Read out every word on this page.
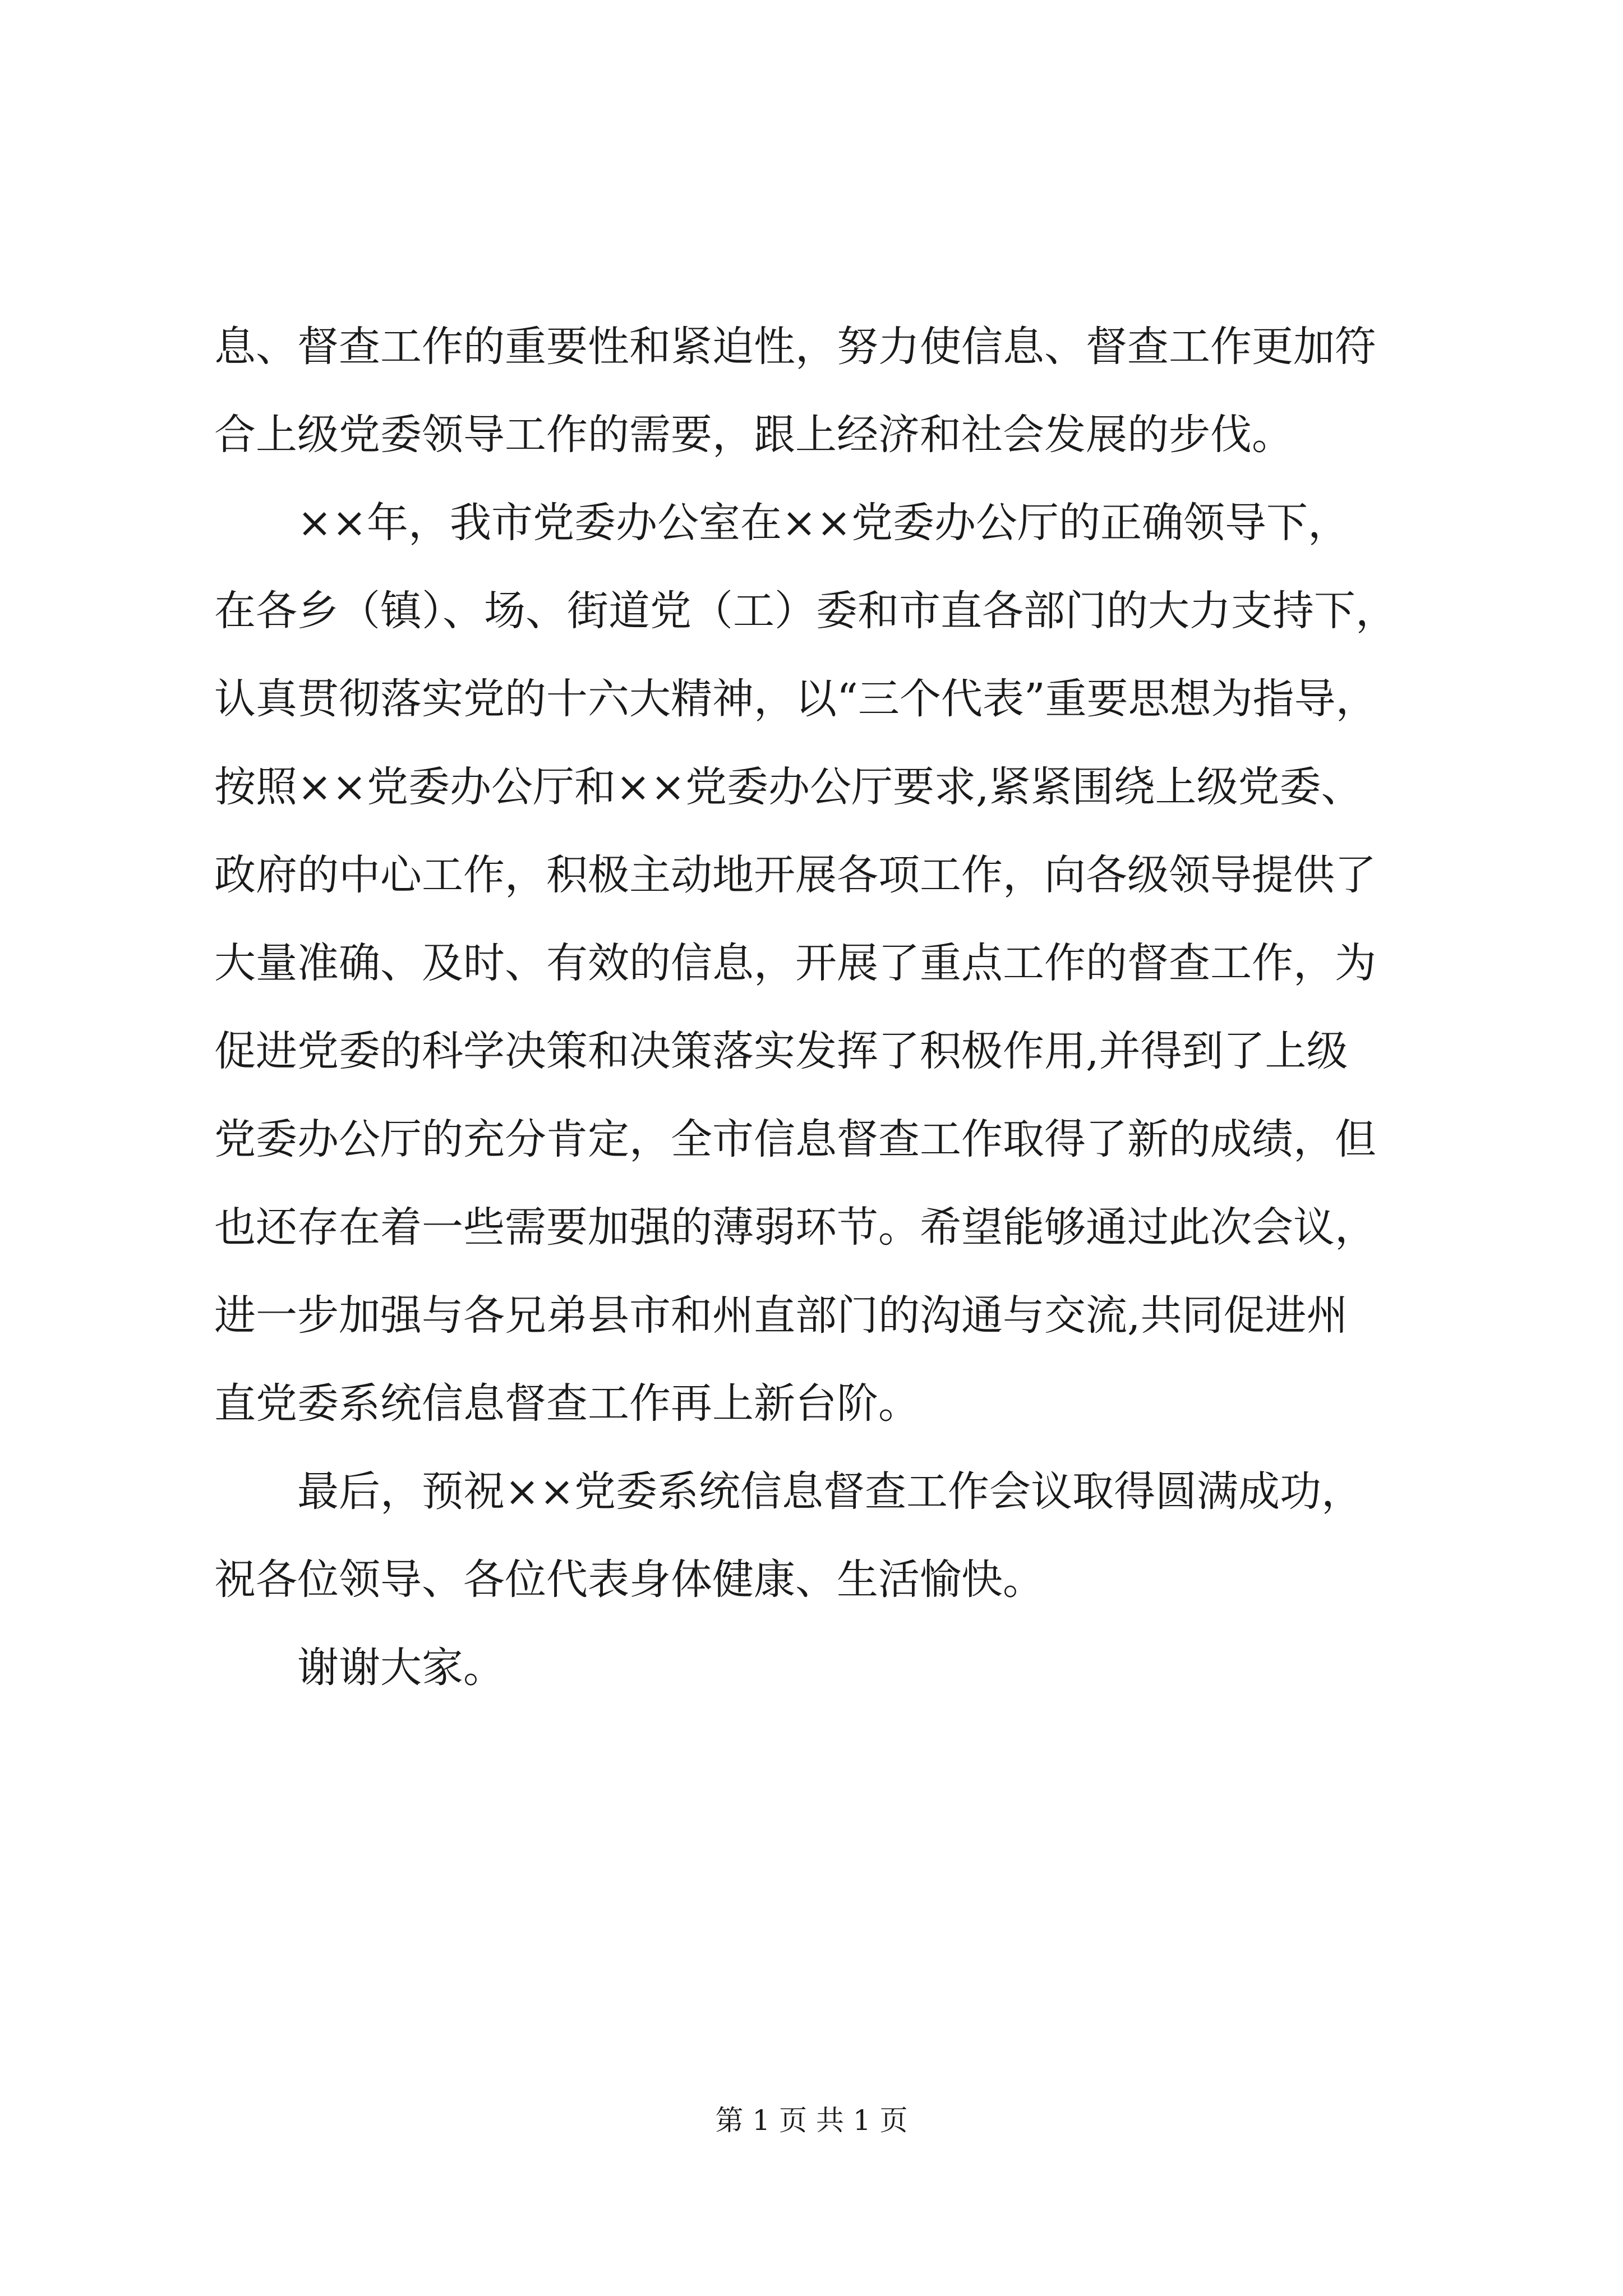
息、督查工作的重要性和紧迫性，努力使信息、督查工作更加符
合上级党委领导工作的需要，跟上经济和社会发展的步伐。
××年，我市党委办公室在××党委办公厅的正确领导下，
在各乡（镇）、场、街道党（工）委和市直各部门的大力支持下，
认真贯彻落实党的十六大精神，以“三个代表”重要思想为指导，
按照××党委办公厅和××党委办公厅要求,紧紧围绕上级党委、
政府的中心工作，积极主动地开展各项工作，向各级领导提供了
大量准确、及时、有效的信息，开展了重点工作的督查工作，为
促进党委的科学决策和决策落实发挥了积极作用,并得到了上级
党委办公厅的充分肯定，全市信息督查工作取得了新的成绩，但
也还存在着一些需要加强的薄弱环节。希望能够通过此次会议，
进一步加强与各兄弟县市和州直部门的沟通与交流,共同促进州
直党委系统信息督查工作再上新台阶。
最后，预祝××党委系统信息督查工作会议取得圆满成功，
祝各位领导、各位代表身体健康、生活愉快。
谢谢大家。
第 1 页 共 1 页
